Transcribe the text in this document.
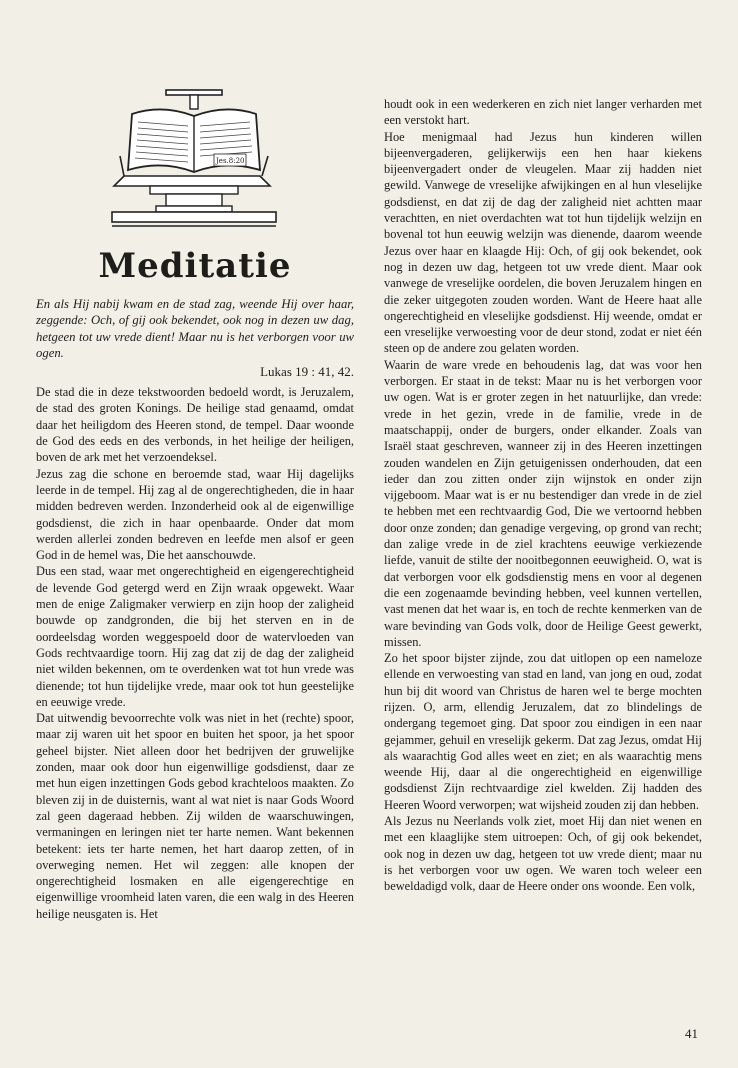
Jes.8:20
Meditatie

En als Hij nabij kwam en de stad zag, weende Hij over haar, zeggende: Och, of gij ook bekendet, ook nog in dezen uw dag, hetgeen tot uw vrede dient! Maar nu is het verborgen voor uw ogen.

Lukas 19 : 41, 42.

De stad die in deze tekstwoorden bedoeld wordt, is Jeruzalem, de stad des groten Konings. De heilige stad genaamd, omdat daar het heiligdom des Heeren stond, de tempel. Daar woonde de God des eeds en des verbonds, in het heilige der heiligen, boven de ark met het verzoendeksel.

Jezus zag die schone en beroemde stad, waar Hij dagelijks leerde in de tempel. Hij zag al de ongerechtigheden, die in haar midden bedreven werden. Inzonderheid ook al de eigenwillige godsdienst, die zich in haar openbaarde. Onder dat mom werden allerlei zonden bedreven en leefde men alsof er geen God in de hemel was, Die het aanschouwde.

Dus een stad, waar met ongerechtigheid en eigengerechtigheid de levende God getergd werd en Zijn wraak opgewekt. Waar men de enige Zaligmaker verwierp en zijn hoop der zaligheid bouwde op zandgronden, die bij het sterven en in de oordeelsdag worden weggespoeld door de watervloeden van Gods rechtvaardige toorn. Hij zag dat zij de dag der zaligheid niet wilden bekennen, om te overdenken wat tot hun vrede was dienende; tot hun tijdelijke vrede, maar ook tot hun geestelijke en eeuwige vrede.

Dat uitwendig bevoorrechte volk was niet in het (rechte) spoor, maar zij waren uit het spoor en buiten het spoor, ja het spoor geheel bijster. Niet alleen door het bedrijven der gruwelijke zonden, maar ook door hun eigenwillige godsdienst, daar ze met hun eigen inzettingen Gods gebod krachteloos maakten. Zo bleven zij in de duisternis, want al wat niet is naar Gods Woord zal geen dageraad hebben. Zij wilden de waarschuwingen, vermaningen en leringen niet ter harte nemen. Want bekennen betekent: iets ter harte nemen, het hart daarop zetten, of in overweging nemen. Het wil zeggen: alle knopen der ongerechtigheid losmaken en alle eigengerechtige en eigenwillige vroomheid laten varen, die een walg in des Heeren heilige neusgaten is. Het

houdt ook in een wederkeren en zich niet langer verharden met een verstokt hart.

Hoe menigmaal had Jezus hun kinderen willen bijeenvergaderen, gelijkerwijs een hen haar kiekens bijeenvergadert onder de vleugelen. Maar zij hadden niet gewild. Vanwege de vreselijke afwijkingen en al hun vleselijke godsdienst, en dat zij de dag der zaligheid niet achtten maar verachtten, en niet overdachten wat tot hun tijdelijk welzijn en bovenal tot hun eeuwig welzijn was dienende, daarom weende Jezus over haar en klaagde Hij: Och, of gij ook bekendet, ook nog in dezen uw dag, hetgeen tot uw vrede dient. Maar ook vanwege de vreselijke oordelen, die boven Jeruzalem hingen en die zeker uitgegoten zouden worden. Want de Heere haat alle ongerechtigheid en vleselijke godsdienst. Hij weende, omdat er een vreselijke verwoesting voor de deur stond, zodat er niet één steen op de andere zou gelaten worden.

Waarin de ware vrede en behoudenis lag, dat was voor hen verborgen. Er staat in de tekst: Maar nu is het verborgen voor uw ogen. Wat is er groter zegen in het natuurlijke, dan vrede: vrede in het gezin, vrede in de familie, vrede in de maatschappij, onder de burgers, onder elkander. Zoals van Israël staat geschreven, wanneer zij in des Heeren inzettingen zouden wandelen en Zijn getuigenissen onderhouden, dat een ieder dan zou zitten onder zijn wijnstok en onder zijn vijgeboom. Maar wat is er nu bestendiger dan vrede in de ziel te hebben met een rechtvaardig God, Die we vertoornd hebben door onze zonden; dan genadige vergeving, op grond van recht; dan zalige vrede in de ziel krachtens eeuwige verkiezende liefde, vanuit de stilte der nooitbegonnen eeuwigheid. O, wat is dat verborgen voor elk godsdienstig mens en voor al degenen die een zogenaamde bevinding hebben, veel kunnen vertellen, vast menen dat het waar is, en toch de rechte kenmerken van de ware bevinding van Gods volk, door de Heilige Geest gewerkt, missen.

Zo het spoor bijster zijnde, zou dat uitlopen op een nameloze ellende en verwoesting van stad en land, van jong en oud, zodat hun bij dit woord van Christus de haren wel te berge mochten rijzen. O, arm, ellendig Jeruzalem, dat zo blindelings de ondergang tegemoet ging. Dat spoor zou eindigen in een naar gejammer, gehuil en vreselijk gekerm. Dat zag Jezus, omdat Hij als waarachtig God alles weet en ziet; en als waarachtig mens weende Hij, daar al die ongerechtigheid en eigenwillige godsdienst Zijn rechtvaardige ziel kwelden. Zij hadden des Heeren Woord verworpen; wat wijsheid zouden zij dan hebben.

Als Jezus nu Neerlands volk ziet, moet Hij dan niet wenen en met een klaaglijke stem uitroepen: Och, of gij ook bekendet, ook nog in dezen uw dag, hetgeen tot uw vrede dient; maar nu is het verborgen voor uw ogen. We waren toch weleer een beweldadigd volk, daar de Heere onder ons woonde. Een volk,

41
